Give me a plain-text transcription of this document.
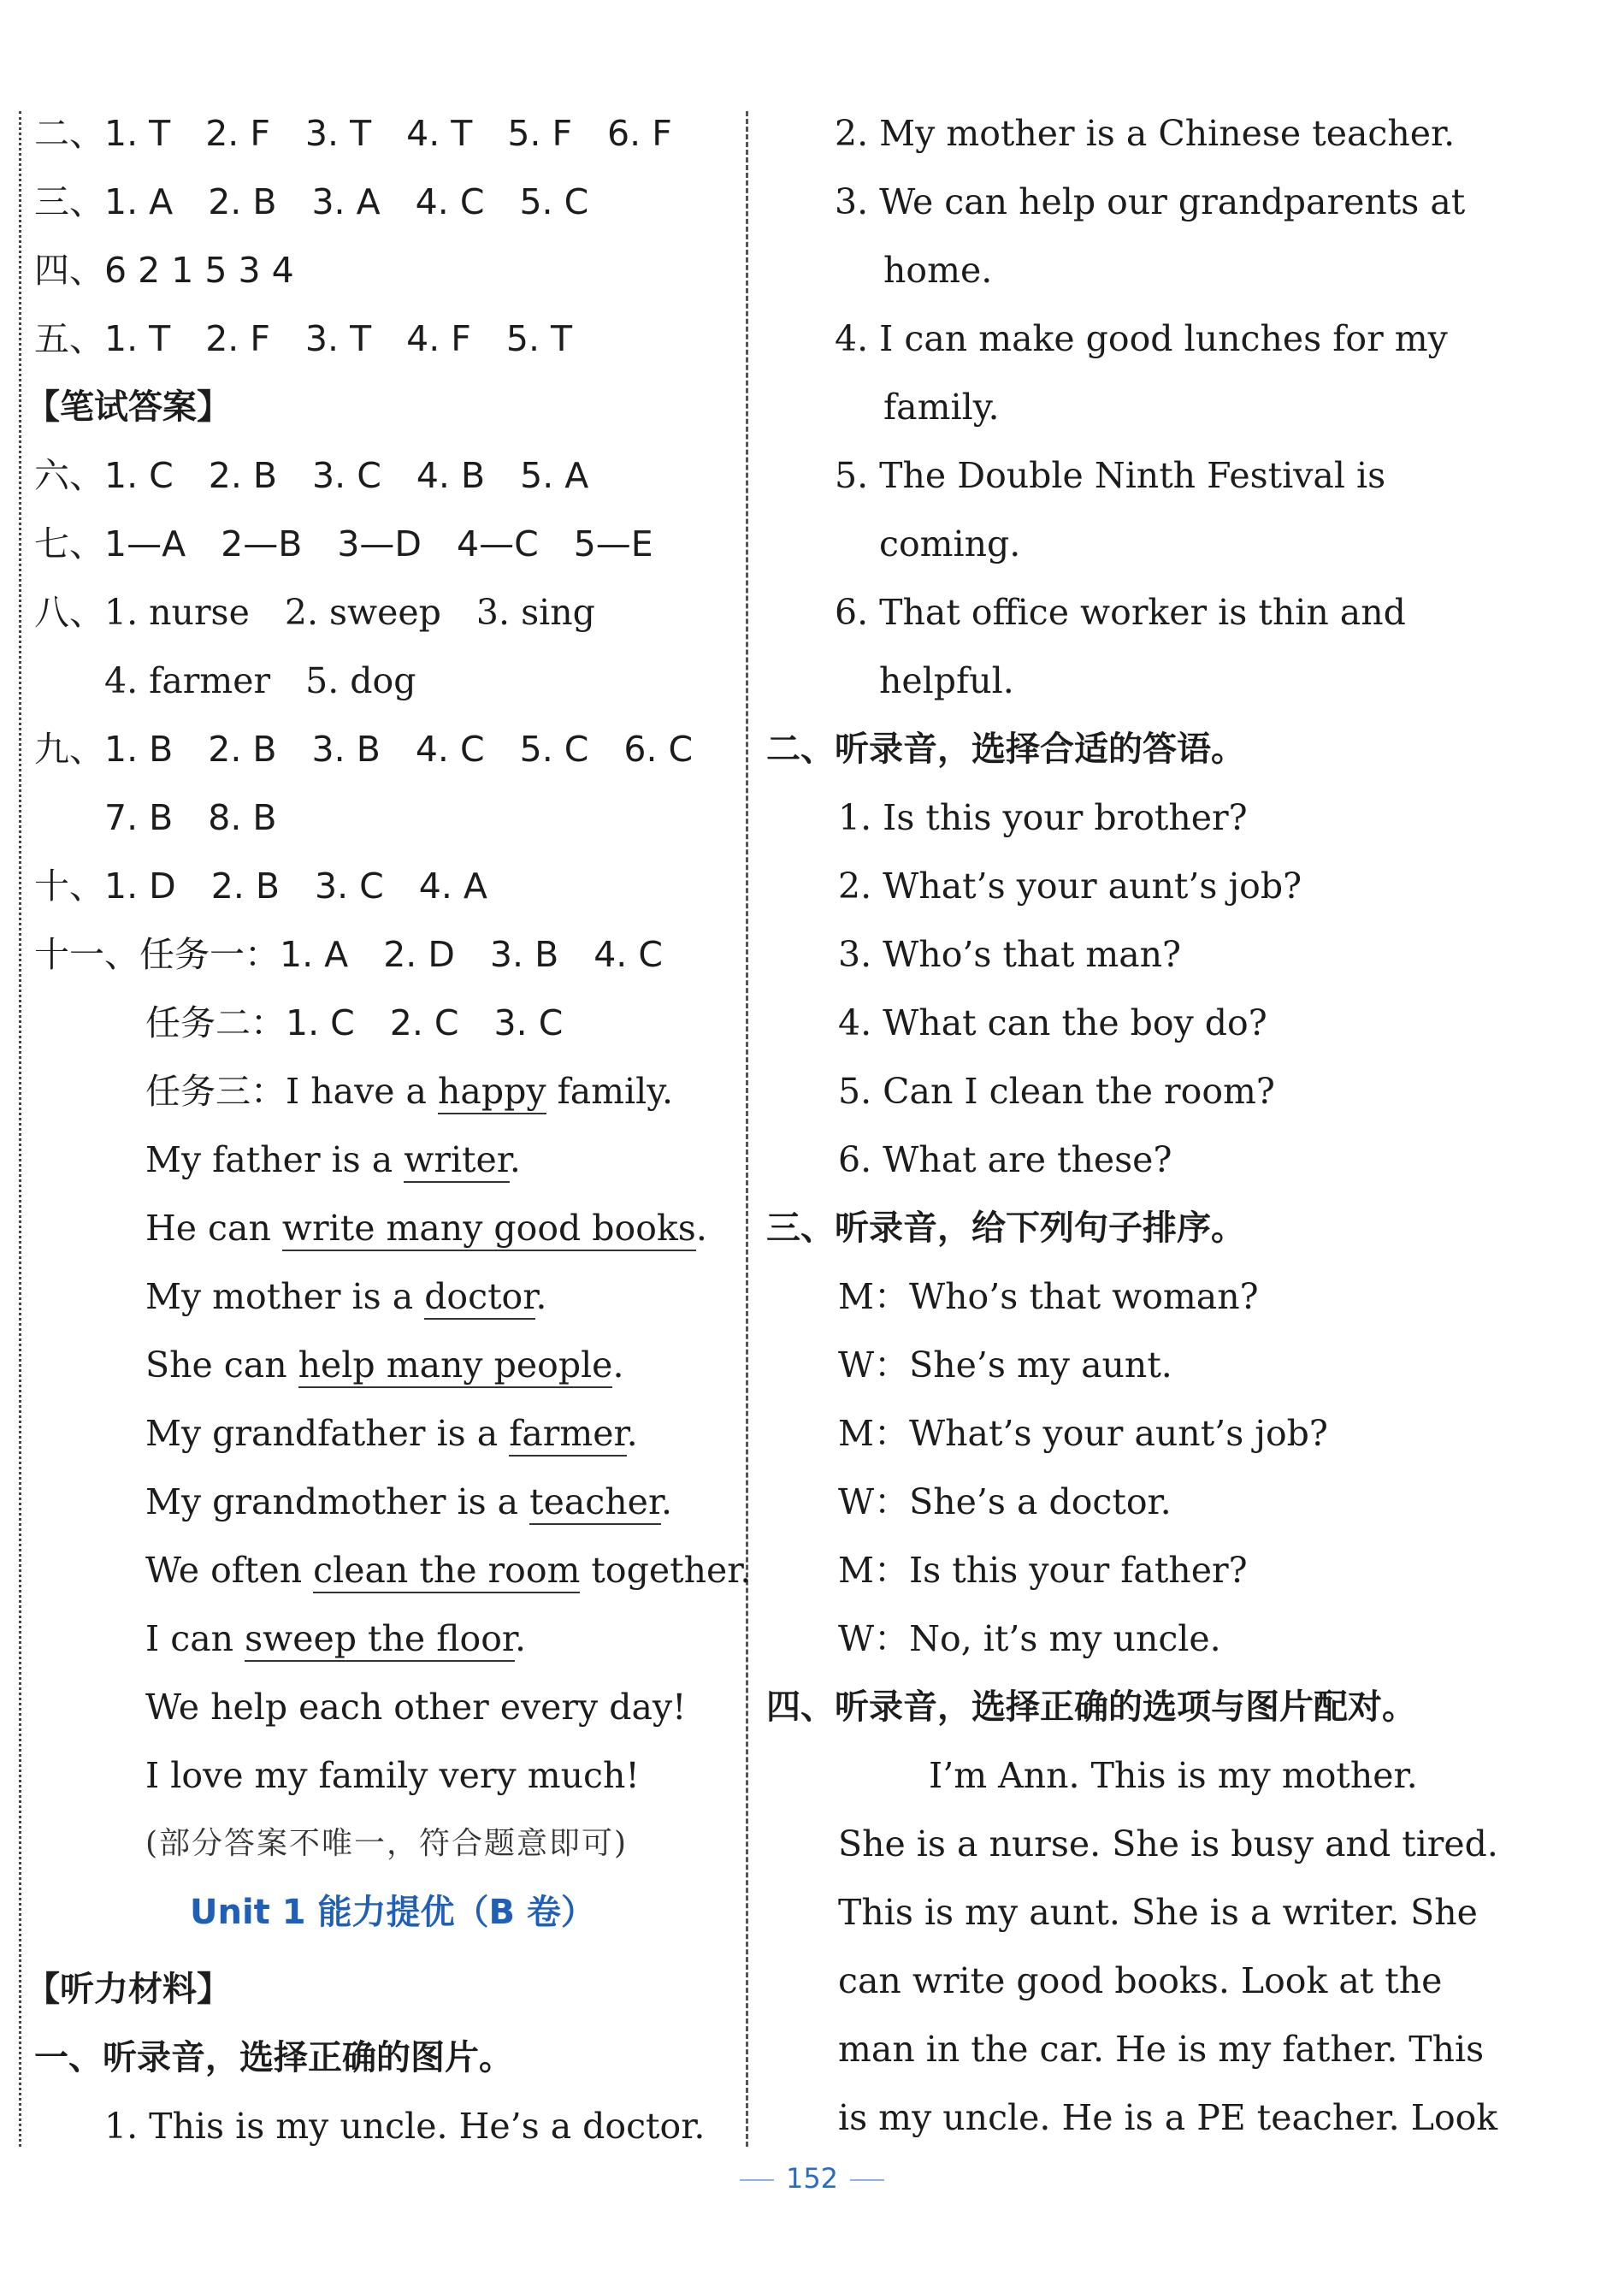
二、1. T　2. F　3. T　4. T　5. F　6. F
三、1. A　2. B　3. A　4. C　5. C
四、6 2 1 5 3 4
五、1. T　2. F　3. T　4. F　5. T
【笔试答案】
六、1. C　2. B　3. C　4. B　5. A
七、1—A　2—B　3—D　4—C　5—E
八、1. nurse　2. sweep　3. sing
4. farmer　5. dog
九、1. B　2. B　3. B　4. C　5. C　6. C
7. B　8. B
十、1. D　2. B　3. C　4. A
十一、任务一：1. A　2. D　3. B　4. C
任务二：1. C　2. C　3. C
任务三：I have a happy family.
My father is a writer.
He can write many good books.
My mother is a doctor.
She can help many people.
My grandfather is a farmer.
My grandmother is a teacher.
We often clean the room together.
I can sweep the floor.
We help each other every day!
I love my family very much!
(部分答案不唯一，符合题意即可)
Unit 1 能力提优（B 卷）
【听力材料】
一、听录音，选择正确的图片。
1. This is my uncle. He’s a doctor.
2. My mother is a Chinese teacher.
3. We can help our grandparents at
home.
4. I can make good lunches for my
family.
5. The Double Ninth Festival is
coming.
6. That office worker is thin and
helpful.
二、听录音，选择合适的答语。
1. Is this your brother?
2. What’s your aunt’s job?
3. Who’s that man?
4. What can the boy do?
5. Can I clean the room?
6. What are these?
三、听录音，给下列句子排序。
M：Who’s that woman?
W：She’s my aunt.
M：What’s your aunt’s job?
W：She’s a doctor.
M：Is this your father?
W：No, it’s my uncle.
四、听录音，选择正确的选项与图片配对。
I’m Ann. This is my mother.
She is a nurse. She is busy and tired.
This is my aunt. She is a writer. She
can write good books. Look at the
man in the car. He is my father. This
is my uncle. He is a PE teacher. Look
152
